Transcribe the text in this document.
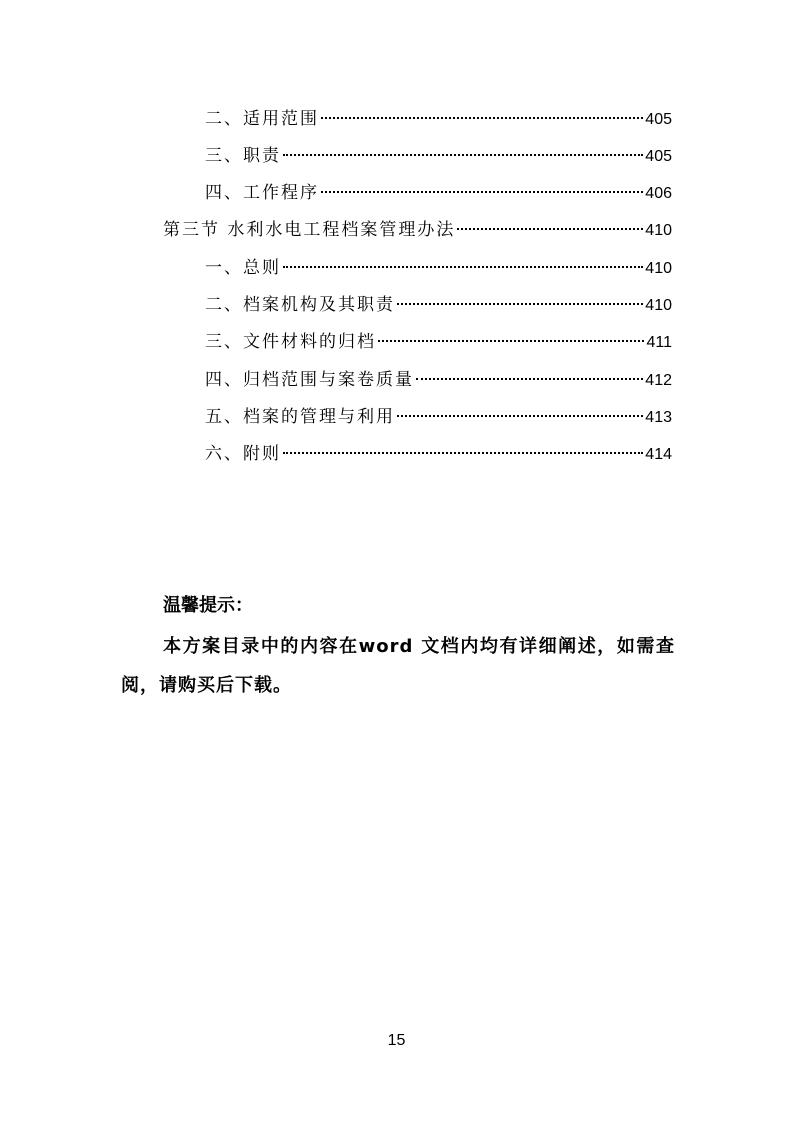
二、适用范围	405
三、职责	405
四、工作程序	406
第三节 水利水电工程档案管理办法	410
一、总则	410
二、档案机构及其职责	410
三、文件材料的归档	411
四、归档范围与案卷质量	412
五、档案的管理与利用	413
六、附则	414
温馨提示：
本方案目录中的内容在word 文档内均有详细阐述，如需查阅，请购买后下载。
15
